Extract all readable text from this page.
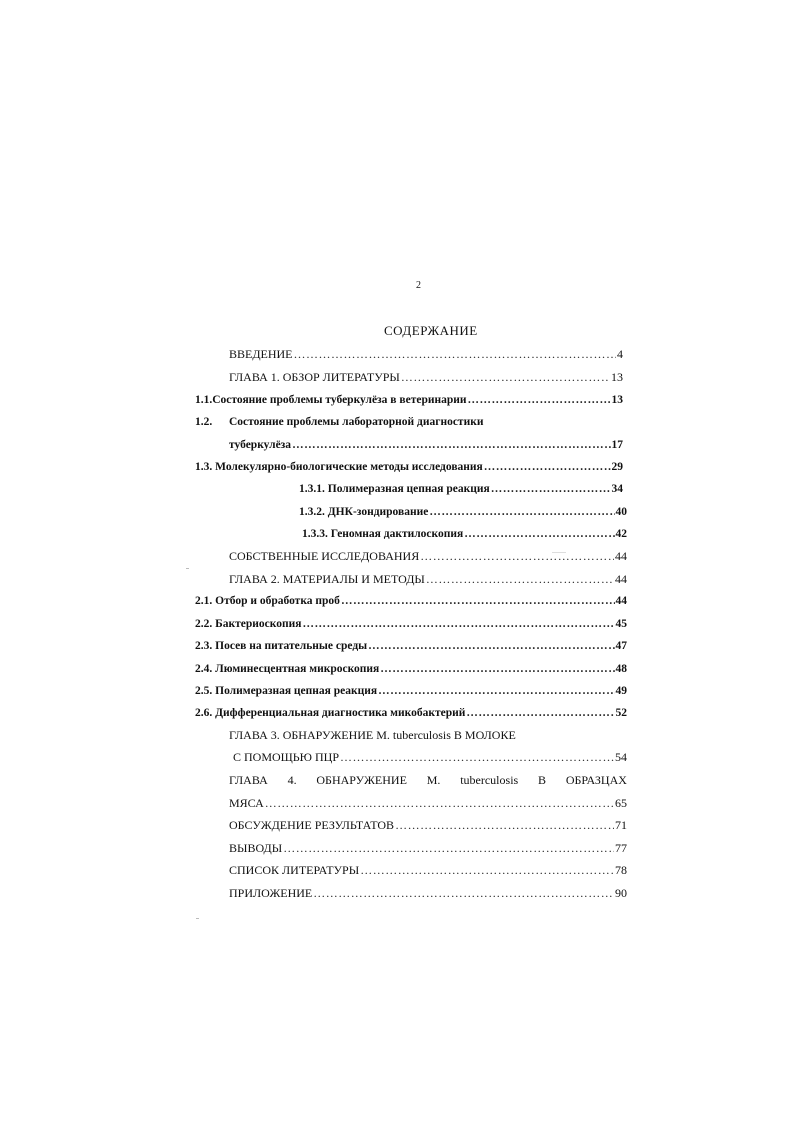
2
СОДЕРЖАНИЕ
ВВЕДЕНИЕ ……………………………………………………………………………………………………………………………………………………………………………………	4
ГЛАВА 1. ОБЗОР ЛИТЕРАТУРЫ ……………………………………………………………………………………………………………………………………………………………………………………	13
1.1. Состояние проблемы туберкулёза в ветеринарии ……………………………………………………………………………………………………………………………………………………………………………………	13
1.2. Состояние проблемы лабораторной диагностики
туберкулёза ……………………………………………………………………………………………………………………………………………………………………………………	17
1.3. Молекулярно-биологические методы исследования ……………………………………………………………………………………………………………………………………………………………………………………	29
1.3.1. Полимеразная цепная реакция ……………………………………………………………………………………………………………………………………………………………………………………	34
1.3.2. ДНК-зондирование ……………………………………………………………………………………………………………………………………………………………………………………	40
1.3.3. Геномная дактилоскопия ……………………………………………………………………………………………………………………………………………………………………………………	42
СОБСТВЕННЫЕ ИССЛЕДОВАНИЯ ……………………………………………………………………………………………………………………………………………………………………………………	44
ГЛАВА 2. МАТЕРИАЛЫ И МЕТОДЫ ……………………………………………………………………………………………………………………………………………………………………………………	44
2.1. Отбор и обработка проб ……………………………………………………………………………………………………………………………………………………………………………………	44
2.2. Бактериоскопия ……………………………………………………………………………………………………………………………………………………………………………………	45
2.3. Посев на питательные среды ……………………………………………………………………………………………………………………………………………………………………………………	47
2.4. Люминесцентная микроскопия ……………………………………………………………………………………………………………………………………………………………………………………	48
2.5. Полимеразная цепная реакция ……………………………………………………………………………………………………………………………………………………………………………………	49
2.6. Дифференциальная диагностика микобактерий ……………………………………………………………………………………………………………………………………………………………………………………	52
ГЛАВА 3. ОБНАРУЖЕНИЕ M. tuberculosis В МОЛОКЕ
С ПОМОЩЬЮ ПЦР ……………………………………………………………………………………………………………………………………………………………………………………	54
ГЛАВА 4. ОБНАРУЖЕНИЕ M. tuberculosis В ОБРАЗЦАХ
МЯСА ……………………………………………………………………………………………………………………………………………………………………………………	65
ОБСУЖДЕНИЕ РЕЗУЛЬТАТОВ ……………………………………………………………………………………………………………………………………………………………………………………	71
ВЫВОДЫ ……………………………………………………………………………………………………………………………………………………………………………………	77
СПИСОК ЛИТЕРАТУРЫ ……………………………………………………………………………………………………………………………………………………………………………………	78
ПРИЛОЖЕНИЕ ……………………………………………………………………………………………………………………………………………………………………………………	90
